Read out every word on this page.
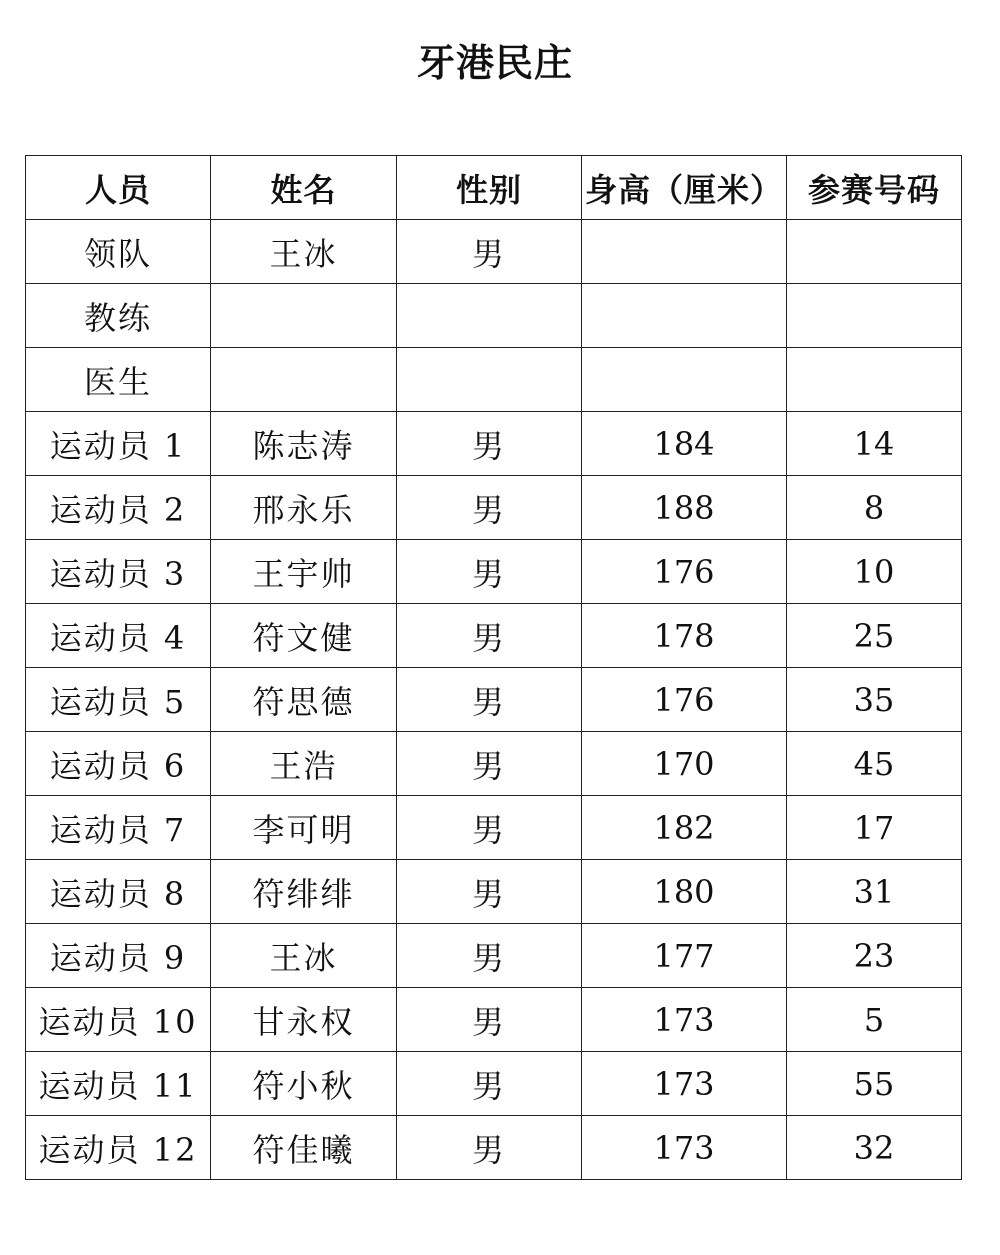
牙港民庄
人员	姓名	性别	身高（厘米）	参赛号码
领队	王冰	男		
教练				
医生				
运动员 1	陈志涛	男	184	14
运动员 2	邢永乐	男	188	8
运动员 3	王宇帅	男	176	10
运动员 4	符文健	男	178	25
运动员 5	符思德	男	176	35
运动员 6	王浩	男	170	45
运动员 7	李可明	男	182	17
运动员 8	符绯绯	男	180	31
运动员 9	王冰	男	177	23
运动员 10	甘永权	男	173	5
运动员 11	符小秋	男	173	55
运动员 12	符佳曦	男	173	32
